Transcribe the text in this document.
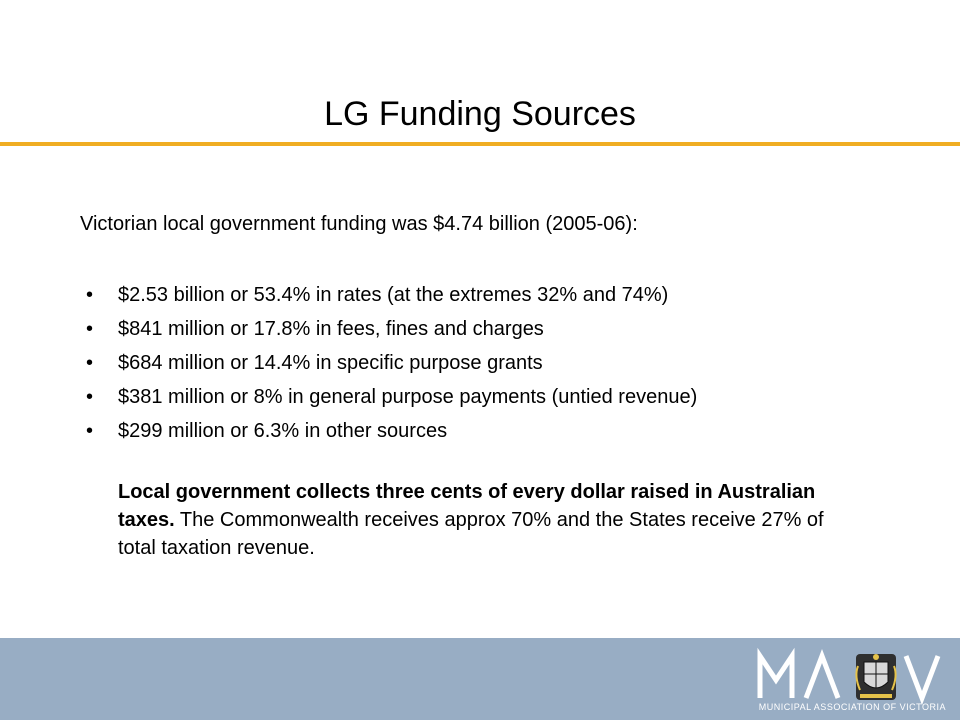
LG Funding Sources

Victorian local government funding was $4.74 billion (2005-06):

• $2.53 billion or 53.4% in rates (at the extremes 32% and 74%)
• $841 million or 17.8% in fees, fines and charges
• $684 million or 14.4% in specific purpose grants
• $381 million or 8% in general purpose payments (untied revenue)
• $299 million or 6.3% in other sources

Local government collects three cents of every dollar raised in Australian taxes. The Commonwealth receives approx 70% and the States receive 27% of total taxation revenue.

MUNICIPAL ASSOCIATION OF VICTORIA
